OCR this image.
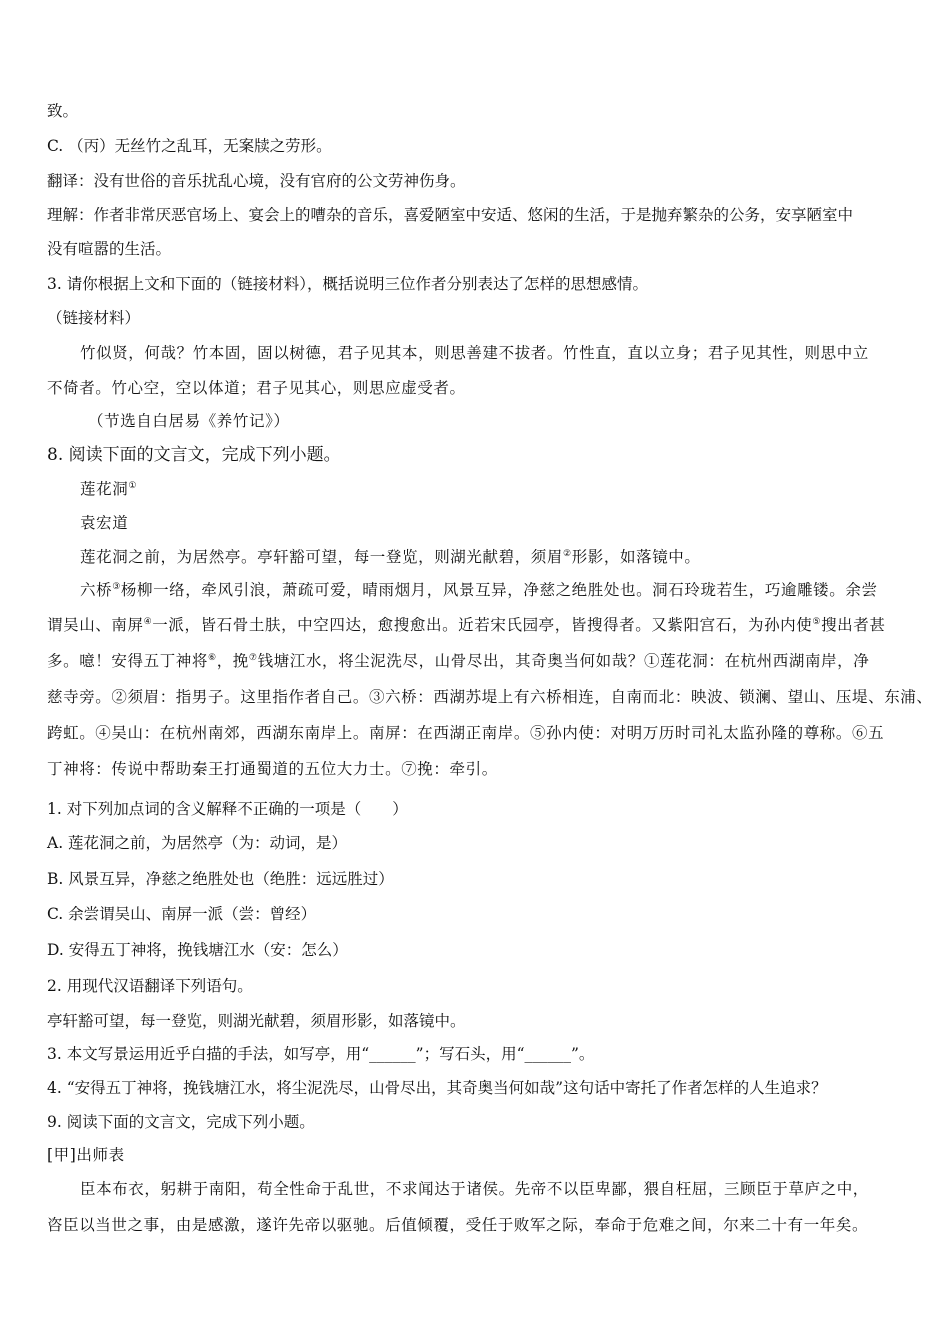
致。
C. （丙）无丝竹之乱耳，无案牍之劳形。
翻译：没有世俗的音乐扰乱心境，没有官府的公文劳神伤身。
理解：作者非常厌恶官场上、宴会上的嘈杂的音乐，喜爱陋室中安适、悠闲的生活，于是抛弃繁杂的公务，安享陋室中
没有喧嚣的生活。
3. 请你根据上文和下面的（链接材料），概括说明三位作者分别表达了怎样的思想感情。
（链接材料）
竹似贤，何哉？竹本固，固以树德，君子见其本，则思善建不拔者。竹性直，直以立身；君子见其性，则思中立
不倚者。竹心空，空以体道；君子见其心，则思应虚受者。
（节选自白居易《养竹记》）
8. 阅读下面的文言文，完成下列小题。
莲花洞①
袁宏道
莲花洞之前，为居然亭。亭轩豁可望，每一登览，则湖光献碧，须眉②形影，如落镜中。
六桥③杨柳一络，牵风引浪，萧疏可爱，晴雨烟月，风景互异，净慈之绝胜处也。洞石玲珑若生，巧逾雕镂。余尝
谓吴山、南屏④一派，皆石骨土肤，中空四达，愈搜愈出。近若宋氏园亭，皆搜得者。又紫阳宫石，为孙内使⑤搜出者甚
多。噫！安得五丁神将⑥，挽⑦钱塘江水，将尘泥洗尽，山骨尽出，其奇奥当何如哉？①莲花洞：在杭州西湖南岸，净
慈寺旁。②须眉：指男子。这里指作者自己。③六桥：西湖苏堤上有六桥相连，自南而北：映波、锁澜、望山、压堤、东浦、
跨虹。④吴山：在杭州南郊，西湖东南岸上。南屏：在西湖正南岸。⑤孙内使：对明万历时司礼太监孙隆的尊称。⑥五
丁神将：传说中帮助秦王打通蜀道的五位大力士。⑦挽：牵引。
1. 对下列加点词的含义解释不正确的一项是（　　）
A. 莲花洞之前，为居然亭（为：动词，是）
B. 风景互异，净慈之绝胜处也（绝胜：远远胜过）
C. 余尝谓吴山、南屏一派（尝：曾经）
D. 安得五丁神将，挽钱塘江水（安：怎么）
2. 用现代汉语翻译下列语句。
亭轩豁可望，每一登览，则湖光献碧，须眉形影，如落镜中。
3. 本文写景运用近乎白描的手法，如写亭，用“______”；写石头，用“______”。
4. “安得五丁神将，挽钱塘江水，将尘泥洗尽，山骨尽出，其奇奥当何如哉”这句话中寄托了作者怎样的人生追求？
9. 阅读下面的文言文，完成下列小题。
[甲]出师表
臣本布衣，躬耕于南阳，苟全性命于乱世，不求闻达于诸侯。先帝不以臣卑鄙，猥自枉屈，三顾臣于草庐之中，
咨臣以当世之事，由是感激，遂许先帝以驱驰。后值倾覆，受任于败军之际，奉命于危难之间，尔来二十有一年矣。
